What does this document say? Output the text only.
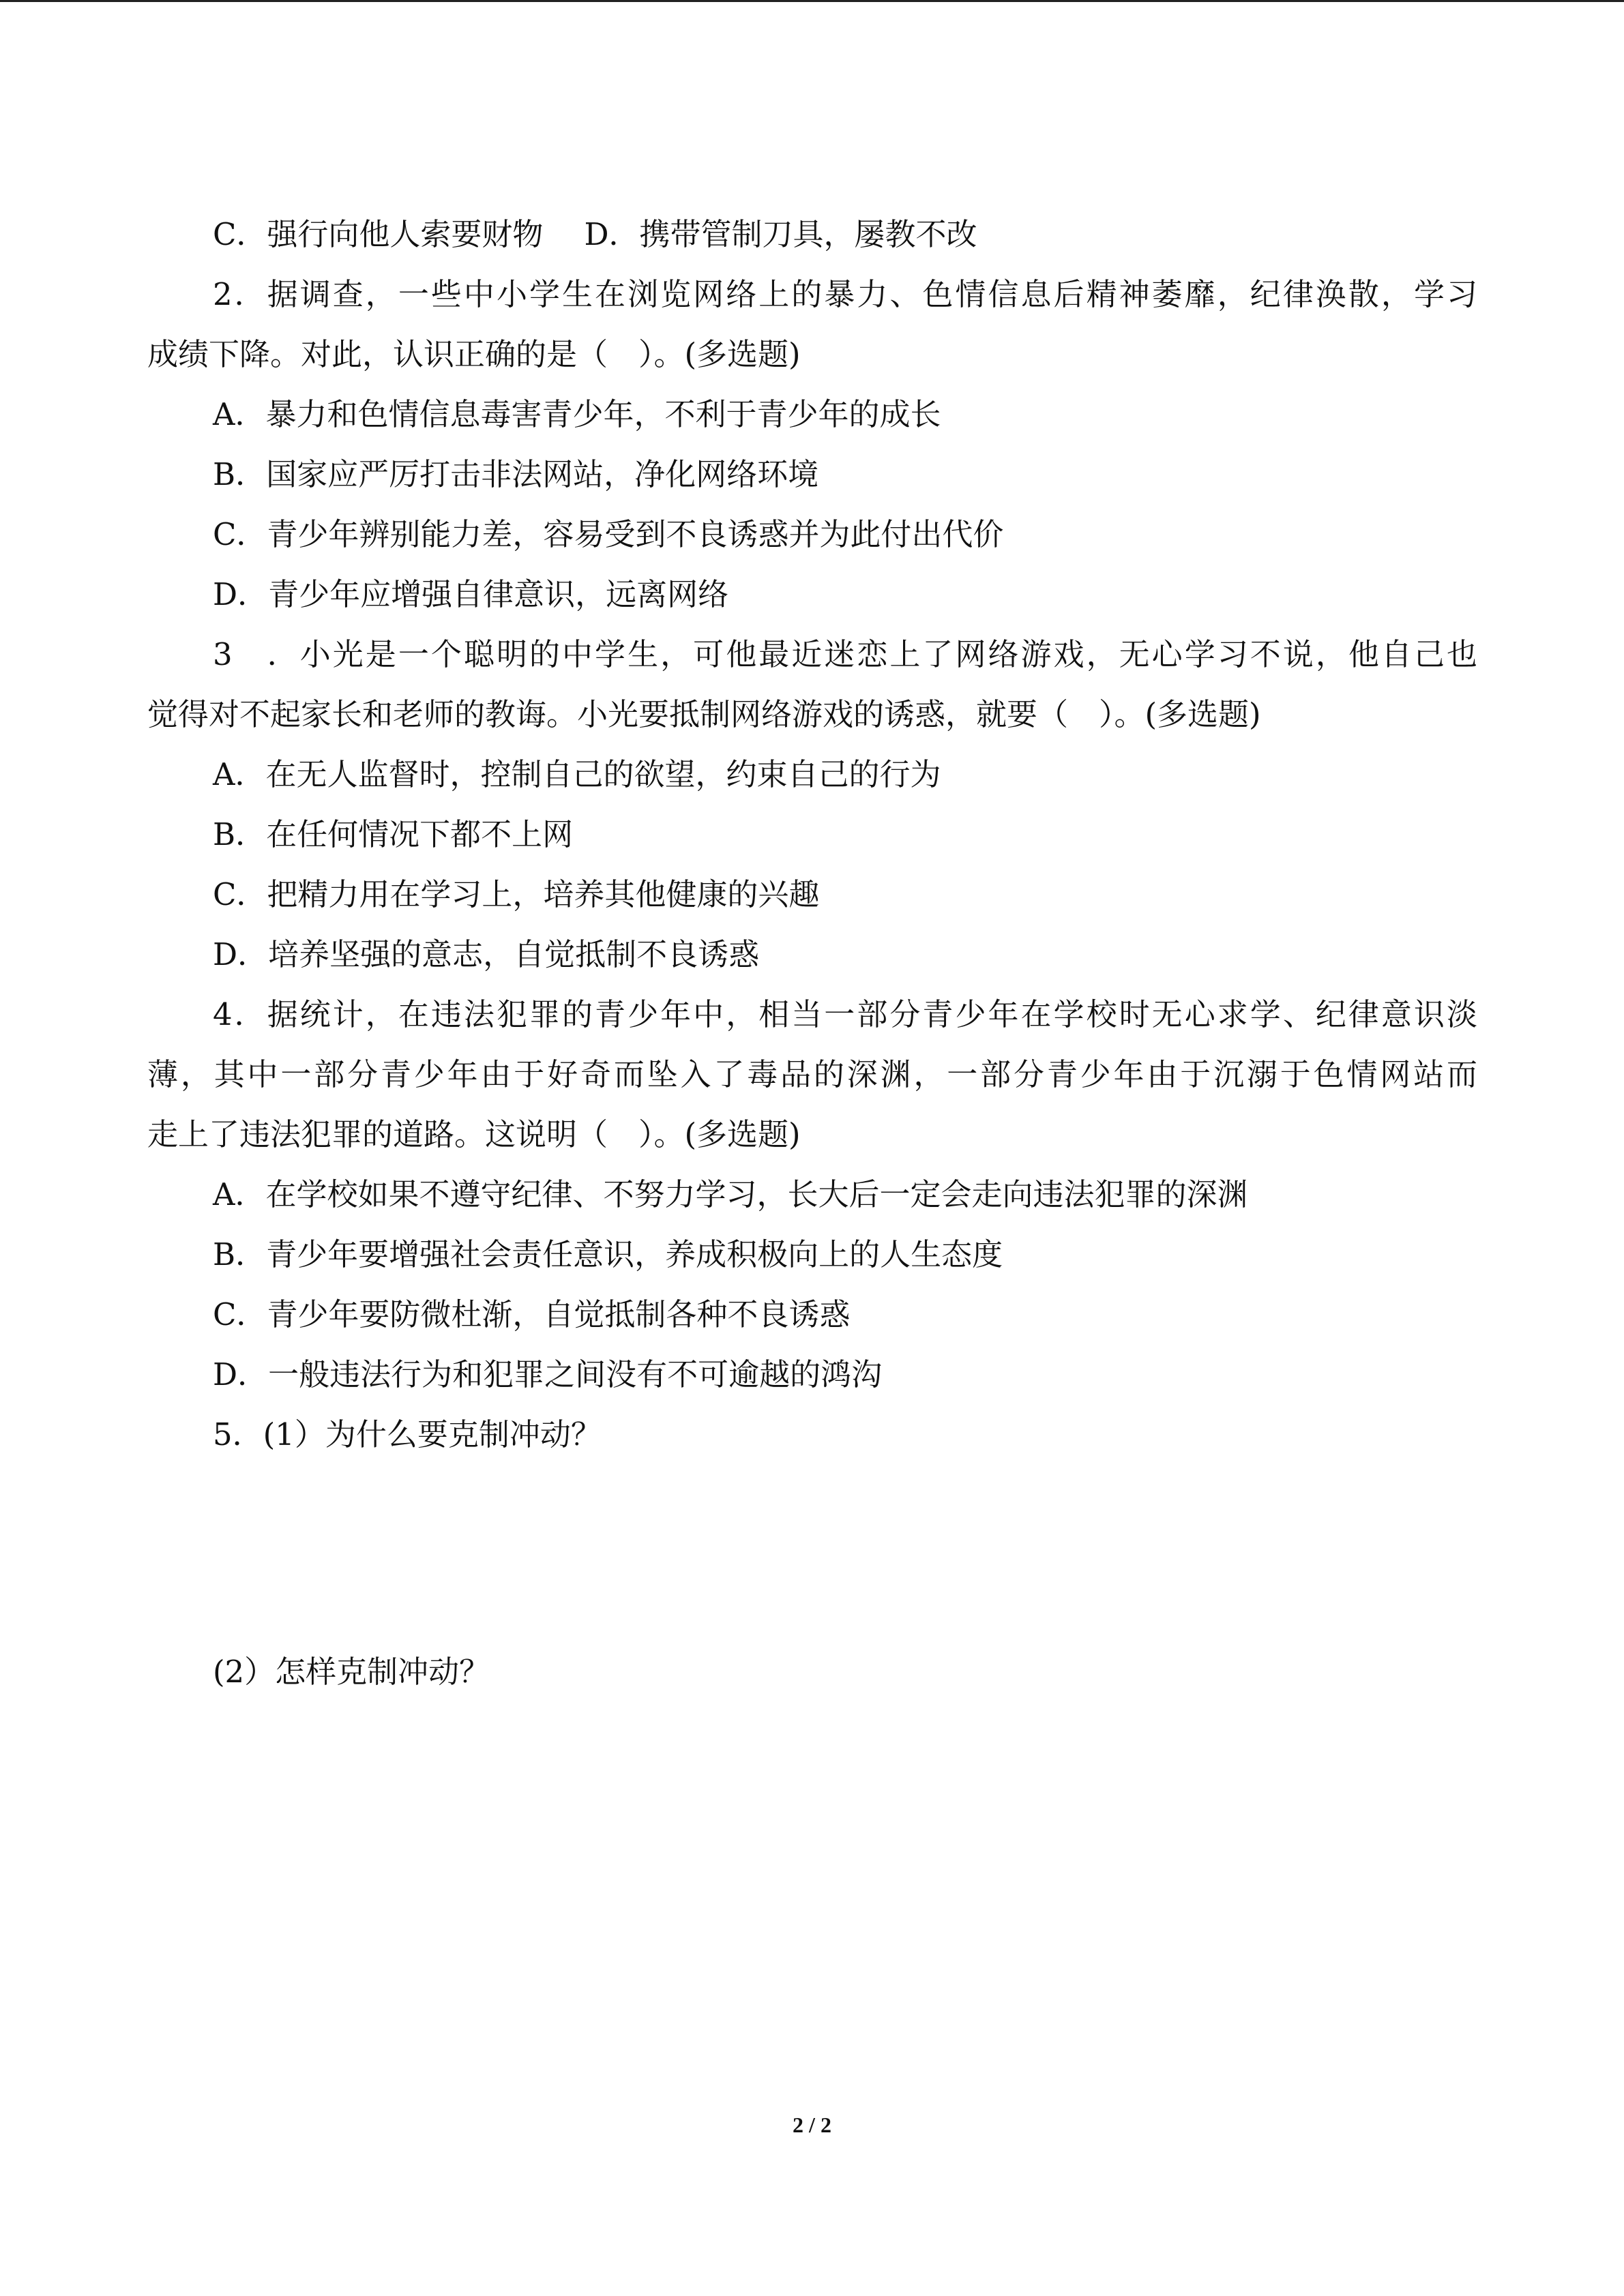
C．强行向他人索要财物 D．携带管制刀具，屡教不改
2．据调查，一些中小学生在浏览网络上的暴力、色情信息后精神萎靡，纪律涣散，学习
成绩下降。对此，认识正确的是（　）。(多选题)
A．暴力和色情信息毒害青少年，不利于青少年的成长
B．国家应严厉打击非法网站，净化网络环境
C．青少年辨别能力差，容易受到不良诱惑并为此付出代价
D．青少年应增强自律意识，远离网络
3　．小光是一个聪明的中学生，可他最近迷恋上了网络游戏，无心学习不说，他自己也
觉得对不起家长和老师的教诲。小光要抵制网络游戏的诱惑，就要（　）。(多选题)
A．在无人监督时，控制自己的欲望，约束自己的行为
B．在任何情况下都不上网
C．把精力用在学习上，培养其他健康的兴趣
D．培养坚强的意志，自觉抵制不良诱惑
4．据统计，在违法犯罪的青少年中，相当一部分青少年在学校时无心求学、纪律意识淡
薄，其中一部分青少年由于好奇而坠入了毒品的深渊，一部分青少年由于沉溺于色情网站而
走上了违法犯罪的道路。这说明（　）。(多选题)
A．在学校如果不遵守纪律、不努力学习，长大后一定会走向违法犯罪的深渊
B．青少年要增强社会责任意识，养成积极向上的人生态度
C．青少年要防微杜渐，自觉抵制各种不良诱惑
D．一般违法行为和犯罪之间没有不可逾越的鸿沟
5．(1）为什么要克制冲动？
(2）怎样克制冲动？
2 / 2
